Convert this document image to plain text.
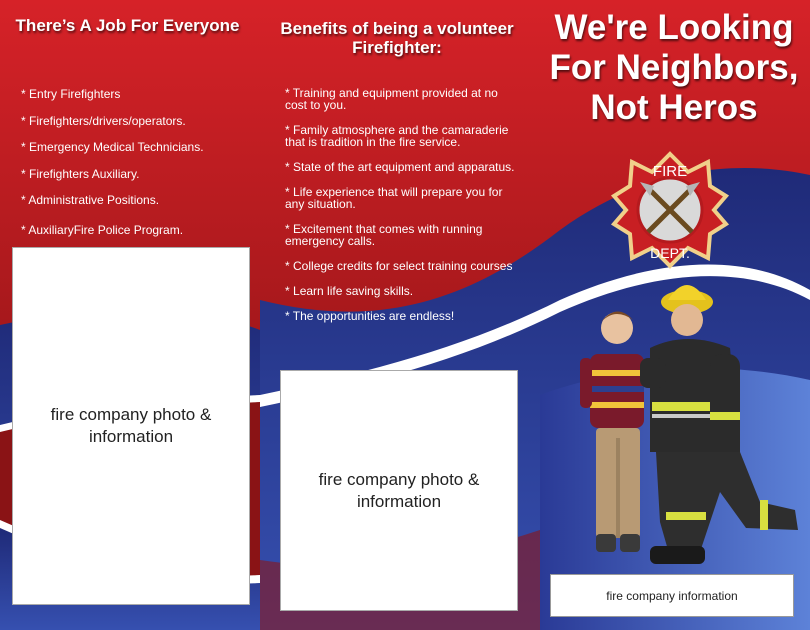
There’s A Job For Everyone
* Entry Firefighters
* Firefighters/drivers/operators.
* Emergency Medical Technicians.
* Firefighters Auxiliary.
* Administrative Positions.
* AuxiliaryFire Police Program.
fire company photo & information
Benefits of being a volunteer Firefighter:
* Training and equipment provided at no cost to you.
* Family atmosphere and the camaraderie that is tradition in the fire service.
* State of the art equipment and apparatus.
* Life experience that will prepare you for any situation.
* Excitement that comes with running emergency calls.
* College credits for select training courses
* Learn life saving skills.
* The opportunities are endless!
fire company photo & information
We're Looking For Neighbors, Not Heros
FIRE
DEPT.
fire company information
